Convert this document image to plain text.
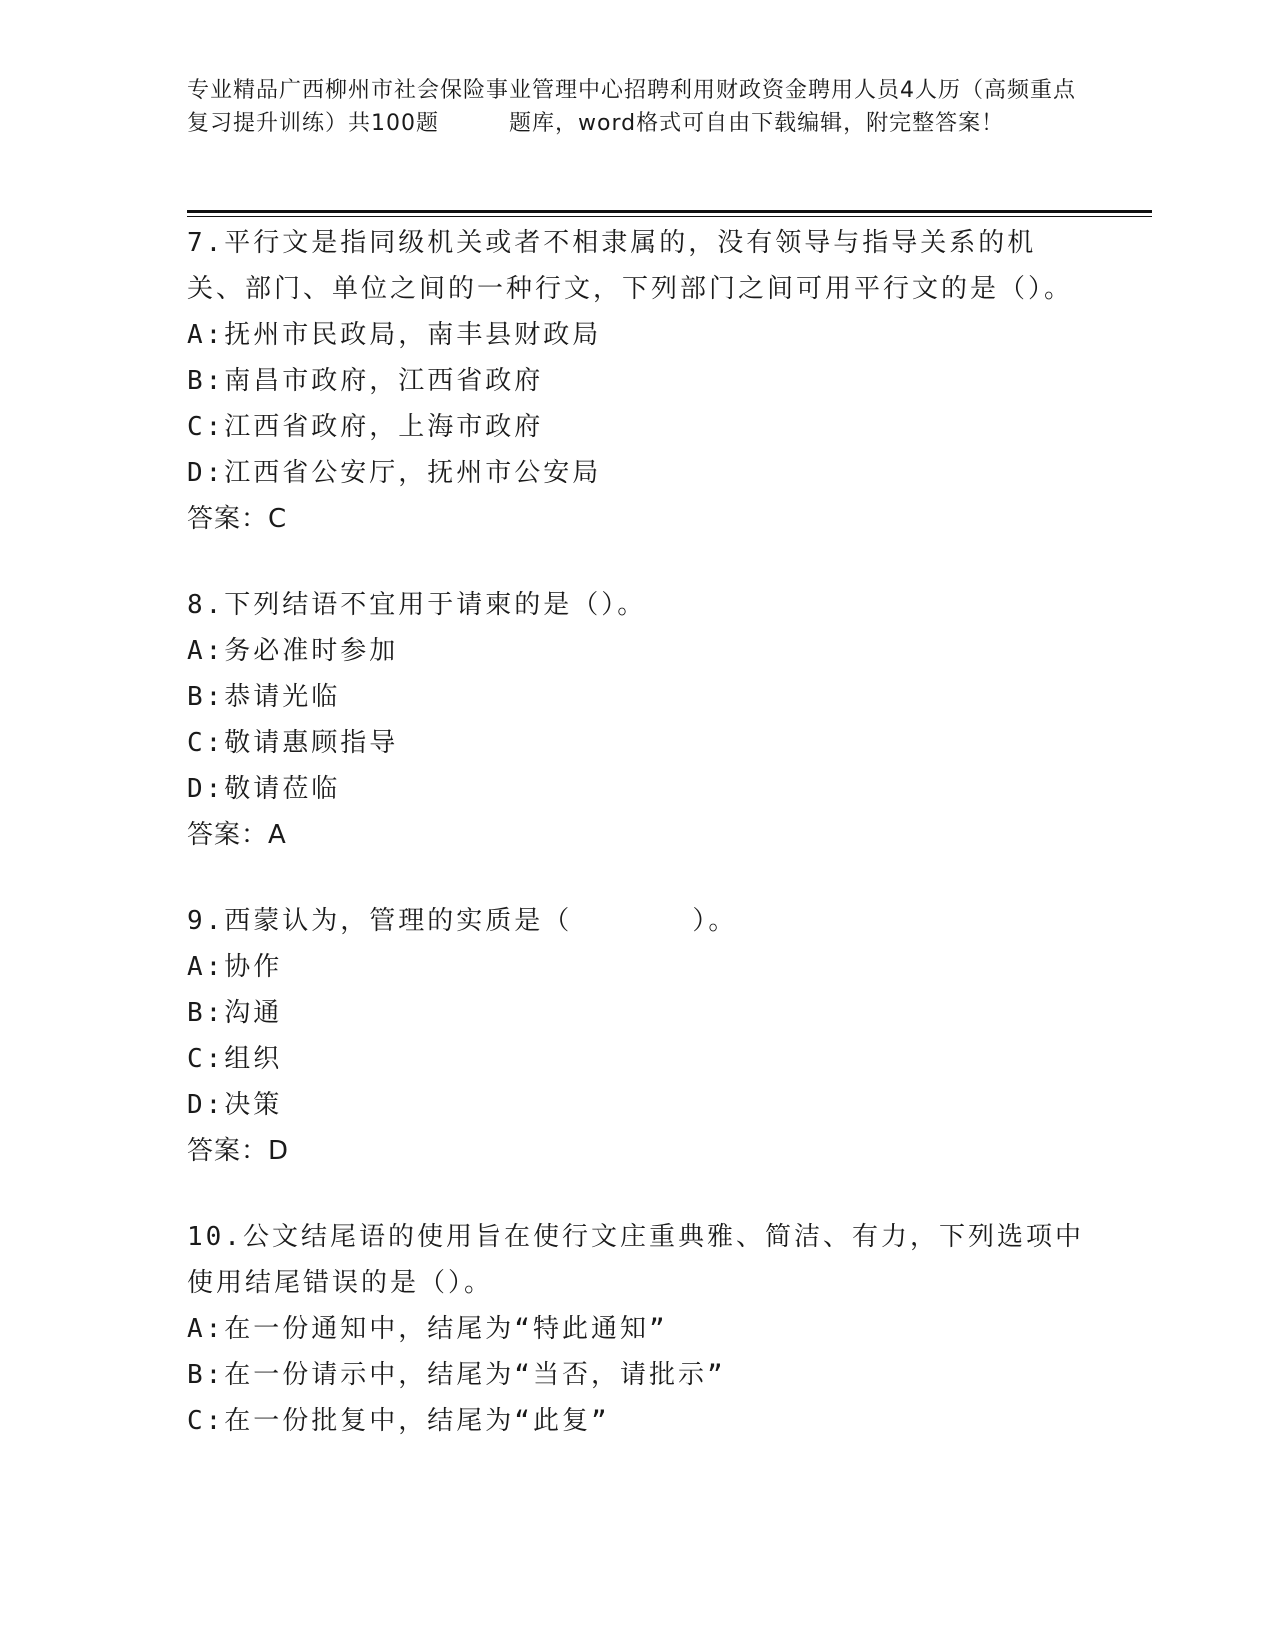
专业精品广西柳州市社会保险事业管理中心招聘利用财政资金聘用人员4人历（高频重点复习提升训练）共100题	题库，word格式可自由下载编辑，附完整答案！
7.平行文是指同级机关或者不相隶属的，没有领导与指导关系的机关、部门、单位之间的一种行文，下列部门之间可用平行文的是（）。
A:抚州市民政局，南丰县财政局
B:南昌市政府，江西省政府
C:江西省政府，上海市政府
D:江西省公安厅，抚州市公安局
答案：C
8.下列结语不宜用于请柬的是（）。
A:务必准时参加
B:恭请光临
C:敬请惠顾指导
D:敬请莅临
答案：A
9.西蒙认为，管理的实质是（	）。
A:协作
B:沟通
C:组织
D:决策
答案：D
10.公文结尾语的使用旨在使行文庄重典雅、简洁、有力，下列选项中使用结尾错误的是（）。
A:在一份通知中，结尾为“特此通知”
B:在一份请示中，结尾为“当否，请批示”
C:在一份批复中，结尾为“此复”
